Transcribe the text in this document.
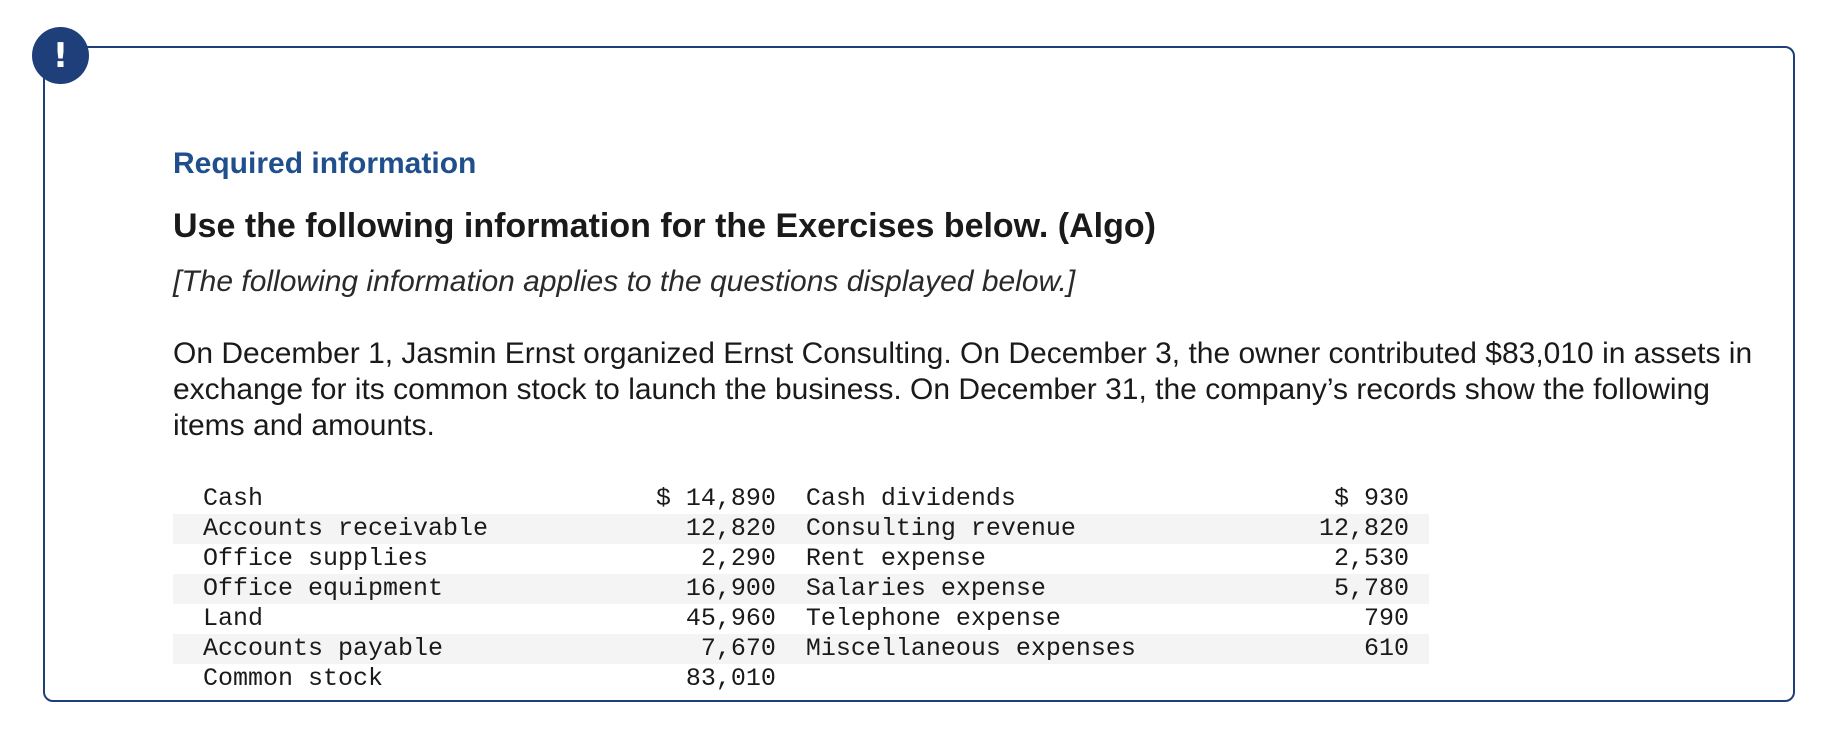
Required information
Use the following information for the Exercises below. (Algo)

[The following information applies to the questions displayed below.]

On December 1, Jasmin Ernst organized Ernst Consulting. On December 3, the owner contributed $83,010 in assets in exchange for its common stock to launch the business. On December 31, the company’s records show the following items and amounts.

Cash	$ 14,890	Cash dividends	$ 930
Accounts receivable	12,820	Consulting revenue	12,820
Office supplies	2,290	Rent expense	2,530
Office equipment	16,900	Salaries expense	5,780
Land	45,960	Telephone expense	790
Accounts payable	7,670	Miscellaneous expenses	610
Common stock	83,010		
!
